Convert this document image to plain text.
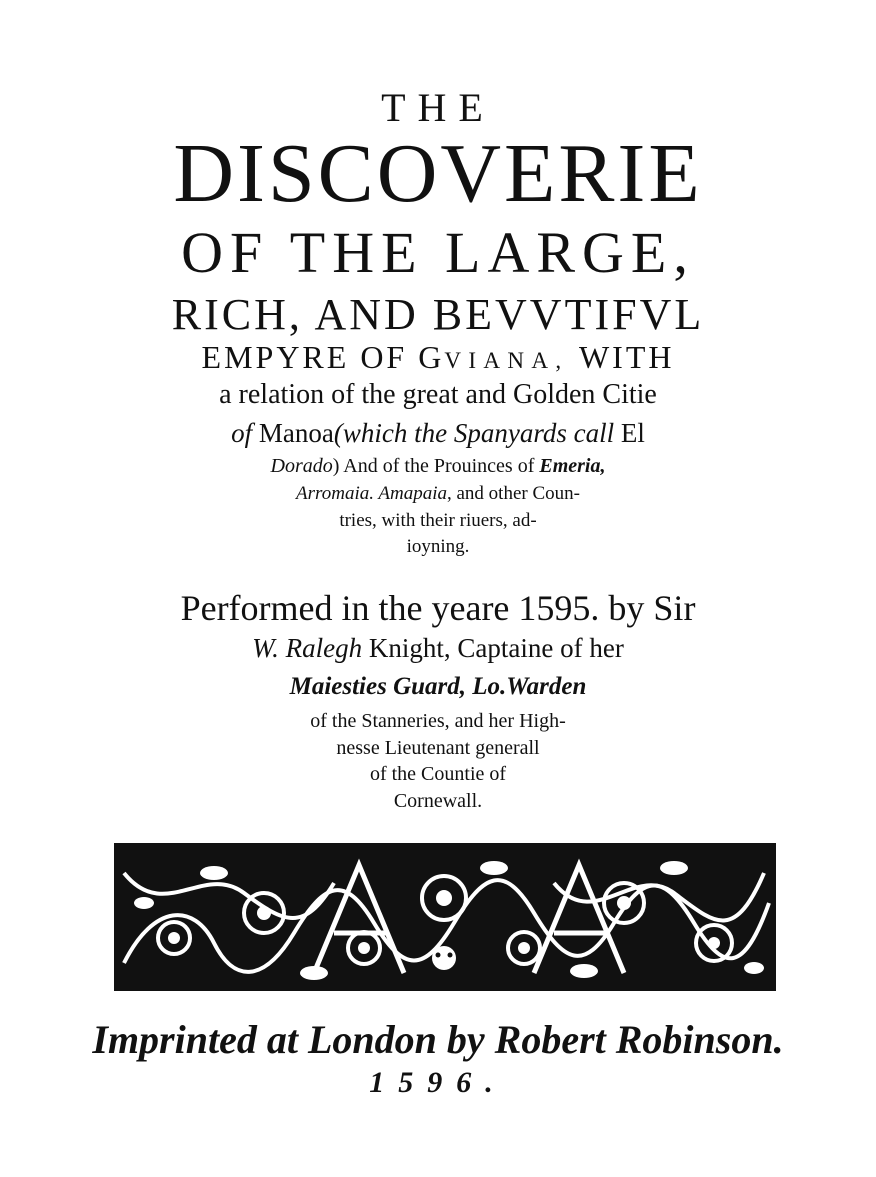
THE
DISCOVERIE
OF THE LARGE,
RICH, AND BEVVTIFVL
EMPYRE OF GVIANA, WITH
a relation of the great and Golden Citie
of Manoa(which the Spanyards call El
Dorado) And of the Prouinces of Emeria,
Arromaia. Amapaia, and other Coun-
tries, with their riuers, ad-
ioyning.
Performed in the yeare 1595. by Sir
W. Ralegh Knight, Captaine of her
Maiesties Guard, Lo.Warden
of the Stanneries, and her High-
nesse Lieutenant generall
of the Countie of
Cornewall.
Imprinted at London by Robert Robinson.
1596.
